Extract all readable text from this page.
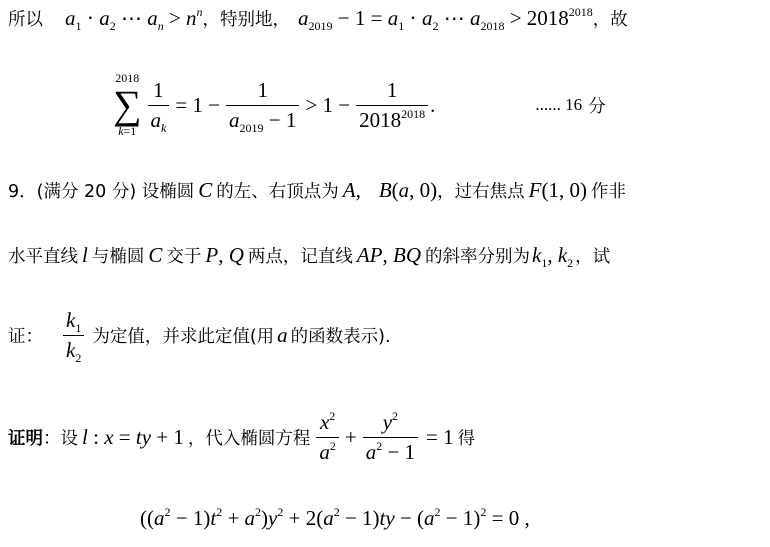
所以 $a_1 \cdot a_2$ ⋯ $a_n > n^n$ ，特别地， $a_{2019} - 1 = a_1 \cdot a_2$ ⋯ $a_{2018} > 2018^{2018}$ ，故
2018
∑
$k=1 \frac{1}{a_k} = 1 - \frac{1}{a_{2019} - 1} > 1 - \frac{1}{2018^{2018}}$ .	...... 16 分
9．(满分 20 分) 设椭圆 C 的左、右顶点为 A, B(a, 0) ，过右焦点 F(1, 0) 作非
水平直线 l 与椭圆 C 交于 P, Q 两点，记直线 AP, BQ 的斜率分别为 $k_1$, $k_2$ ，试
证： $\frac{k_1}{k_2}$ 为定值，并求此定值(用 a 的函数表示).
证明 ：设 l : x = ty + 1 ，代入椭圆方程 $\frac{x^2}{a^2} + \frac{y^2}{a^2 - 1} = 1$ 得
$((a^2 - 1)t^2 + a^2)y^2 + 2(a^2 - 1)ty - (a^2 - 1)^2 = 0$ ,
